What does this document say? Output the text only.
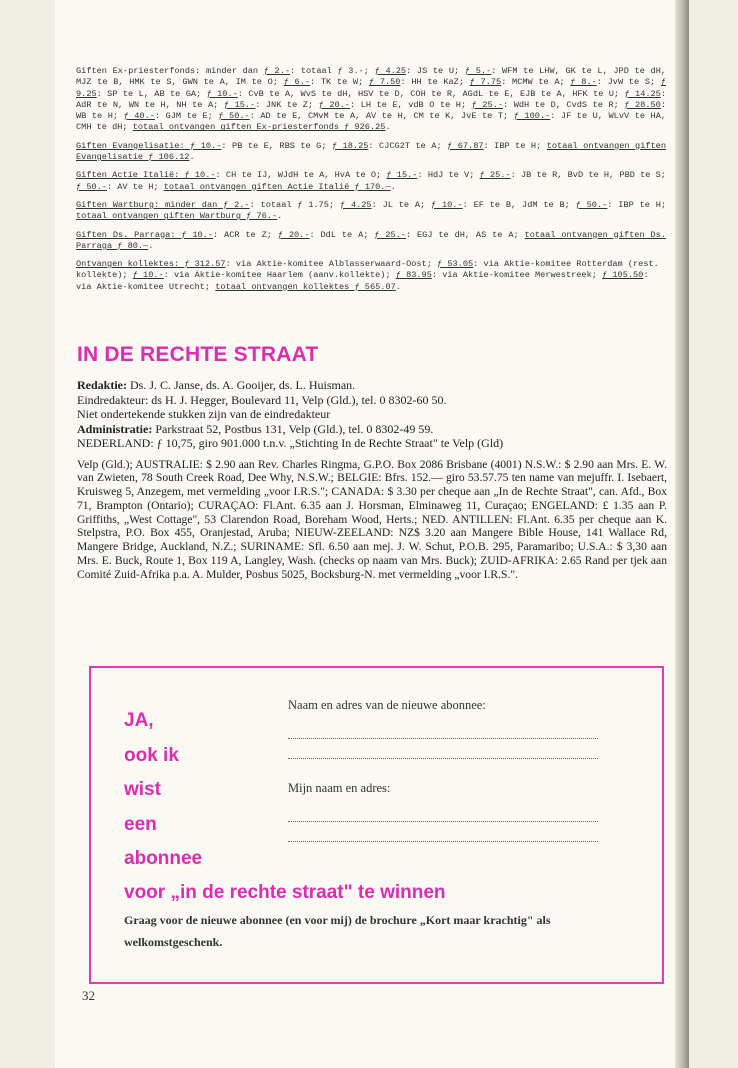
Giften Ex-priesterfonds: minder dan ƒ 2.-: totaal ƒ 3.-; ƒ 4.25: JS te U; ƒ 5.-: WFM te LHW, GK te L, JPD te dH, MJZ te B, HMK te S, GWN te A, IM te O; ƒ 6.-: TK te W; ƒ 7.50: HH te KaZ; ƒ 7.75: MCMW te A; ƒ 8.-: JvW te S; ƒ 9.25: SP te L, AB te GA; ƒ 10.-: CvB te A, WvS te dH, HSV te D, COH te R, AGdL te E, EJB te A, HFK te U; ƒ 14.25: AdR te N, WN te H, NH te A; ƒ 15.-: JNK te Z; ƒ 20.-: LH te E, vdB O te H; ƒ 25.-: WdH te D, CvdS te R; ƒ 28.50: WB te H; ƒ 40.-: GJM te E; ƒ 50.-: AD te E, CMvM te A, AV te H, CM te K, JvE te T; ƒ 100.-: JF te U, WLvV te HA, CMH te dH; totaal ontvangen giften Ex-priesterfonds ƒ 926.25.

Giften Evangelisatie: ƒ 10.-: PB te E, RBS te G; ƒ 18.25: CJCG2T te A; ƒ 67.87: IBP te H; totaal ontvangen giften Evangelisatie ƒ 106.12.

Giften Actie Italië: ƒ 10.-: CH te IJ, WJdH te A, HvA te O; ƒ 15.-: HdJ te V; ƒ 25.-: JB te R, BvD te H, PBD te S; ƒ 50.-: AV te H; totaal ontvangen giften Actie Italië ƒ 170.—.

Giften Wartburg: minder dan ƒ 2.-: totaal ƒ 1.75; ƒ 4.25: JL te A; ƒ 10.-: EF te B, JdM te B; ƒ 50.-: IBP te H; totaal ontvangen giften Wartburg ƒ 76.-.

Giften Ds. Parraga: ƒ 10.-: ACR te Z; ƒ 20.-: DdL te A; ƒ 25.-: EGJ te dH, AS te A; totaal ontvangen giften Ds. Parraga ƒ 80.—.

Ontvangen kollektes: ƒ 312.57: via Aktie-komitee Alblasserwaard-Oost; ƒ 53.05: via Aktie-komitee Rotterdam (rest. kollekte); ƒ 10.-: via Aktie-komitee Haarlem (aanv.kollekte); ƒ 83.95: via Aktie-komitee Merwestreek; ƒ 105.50: via Aktie-komitee Utrecht; totaal ontvangen kollektes ƒ 565.07.

IN DE RECHTE STRAAT
Redaktie: Ds. J. C. Janse, ds. A. Gooijer, ds. L. Huisman.
Eindredakteur: ds H. J. Hegger, Boulevard 11, Velp (Gld.), tel. 0 8302-60 50.
Niet ondertekende stukken zijn van de eindredakteur
Administratie: Parkstraat 52, Postbus 131, Velp (Gld.), tel. 0 8302-49 59.
NEDERLAND: ƒ 10,75, giro 901.000 t.n.v. „Stichting In de Rechte Straat" te Velp (Gld)
Velp (Gld.); AUSTRALIE: $ 2.90 aan Rev. Charles Ringma, G.P.O. Box 2086 Brisbane (4001) N.S.W.: $ 2.90 aan Mrs. E. W. van Zwieten, 78 South Creek Road, Dee Why, N.S.W.; BELGIE: Bfrs. 152.— giro 53.57.75 ten name van mejuffr. I. Isebaert, Kruisweg 5, Anzegem, met vermelding „voor I.R.S."; CANADA: $ 3.30 per cheque aan „In de Rechte Straat", can. Afd., Box 71, Brampton (Ontario); CURAÇAO: Fl.Ant. 6.35 aan J. Horsman, Elminaweg 11, Curaçao; ENGELAND: £ 1.35 aan P. Griffiths, „West Cottage", 53 Clarendon Road, Boreham Wood, Herts.; NED. ANTILLEN: Fl.Ant. 6.35 per cheque aan K. Stelpstra, P.O. Box 455, Oranjestad, Aruba; NIEUW-ZEELAND: NZ$ 3.20 aan Mangere Bible House, 141 Wallace Rd, Mangere Bridge, Auckland, N.Z.; SURINAME: Sfl. 6.50 aan mej. J. W. Schut, P.O.B. 295, Paramaribo; U.S.A.: $ 3,30 aan Mrs. E. Buck, Route 1, Box 119 A, Langley, Wash. (checks op naam van Mrs. Buck); ZUID-AFRIKA: 2.65 Rand per tjek aan Comité Zuid-Afrika p.a. A. Mulder, Posbus 5025, Bocksburg-N. met vermelding „voor I.R.S.".
JA,
ook ik
wist
een
abonnee
Naam en adres van de nieuwe abonnee:
Mijn naam en adres:
voor „in de rechte straat" te winnen
Graag voor de nieuwe abonnee (en voor mij) de brochure „Kort maar krachtig" als welkomstgeschenk.
32
